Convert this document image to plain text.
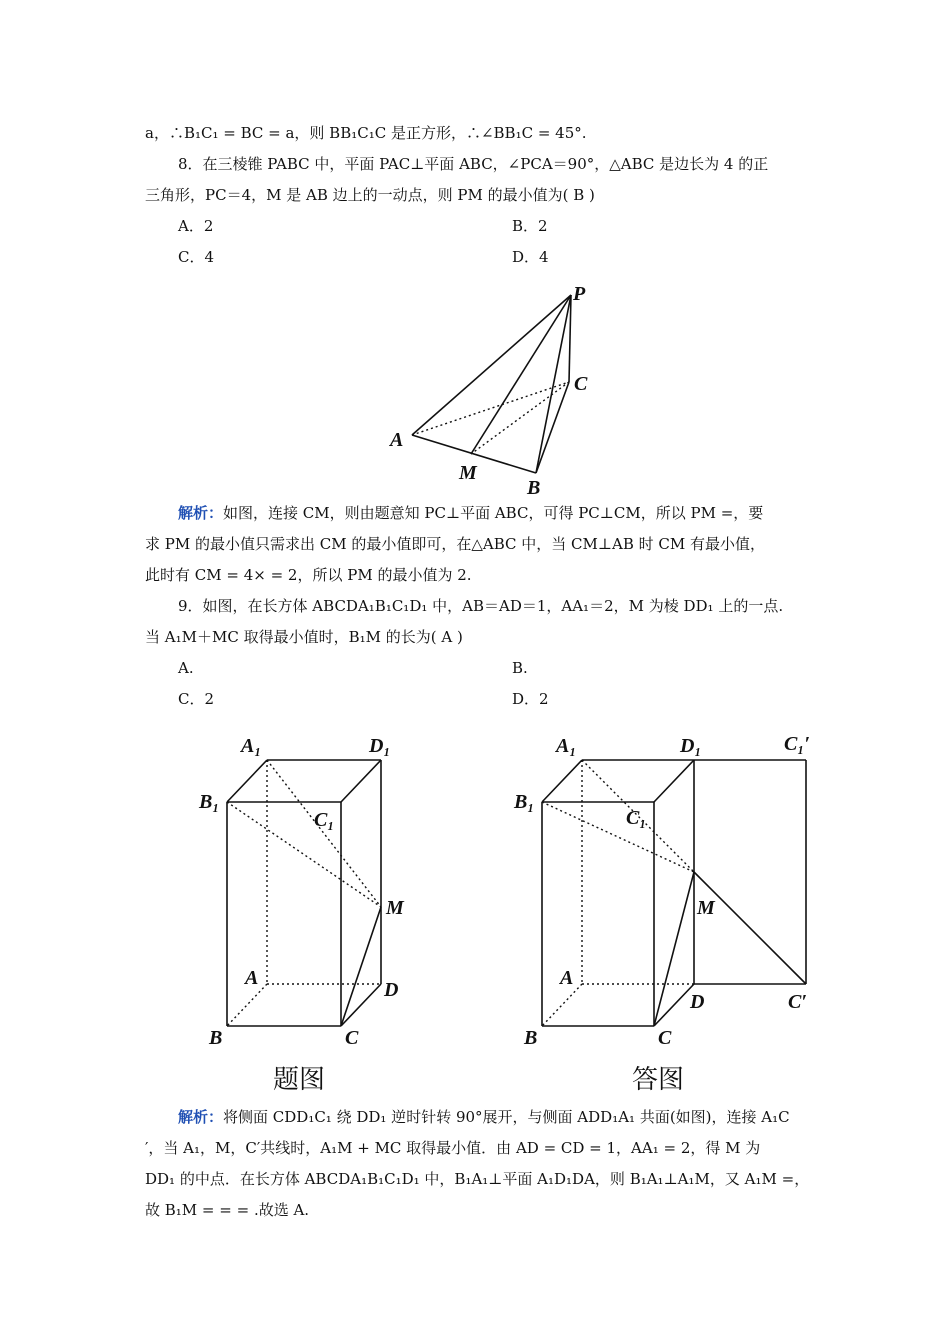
a，∴B₁C₁ = BC = a，则 BB₁C₁C 是正方形，∴∠BB₁C = 45°.
8．在三棱锥 PABC 中，平面 PAC⊥平面 ABC，∠PCA＝90°，△ABC 是边长为 4 的正
三角形，PC＝4，M 是 AB 边上的一动点，则 PM 的最小值为( B )
A．2	B．2
C．4	D．4
P
C
A
M
B
解析：如图，连接 CM，则由题意知 PC⊥平面 ABC，可得 PC⊥CM，所以 PM =，要
求 PM 的最小值只需求出 CM 的最小值即可，在△ABC 中，当 CM⊥AB 时 CM 有最小值，
此时有 CM = 4× = 2，所以 PM 的最小值为 2.
9．如图，在长方体 ABCDA₁B₁C₁D₁ 中，AB＝AD＝1，AA₁＝2，M 为棱 DD₁ 上的一点.
当 A₁M＋MC 取得最小值时，B₁M 的长为( A )
A.	B.
C．2	D．2
A₁	D₁
B₁
C₁
M
A
D
B	C
题图
A₁	D₁	C₁′
B₁
C₁
M
A
D	C′
B	C
答图
解析：将侧面 CDD₁C₁ 绕 DD₁ 逆时针转 90°展开，与侧面 ADD₁A₁ 共面(如图)，连接 A₁C
′，当 A₁，M，C′共线时，A₁M + MC 取得最小值．由 AD = CD = 1，AA₁ = 2，得 M 为
DD₁ 的中点．在长方体 ABCDA₁B₁C₁D₁ 中，B₁A₁⊥平面 A₁D₁DA，则 B₁A₁⊥A₁M，又 A₁M =，
故 B₁M = = = .故选 A.
